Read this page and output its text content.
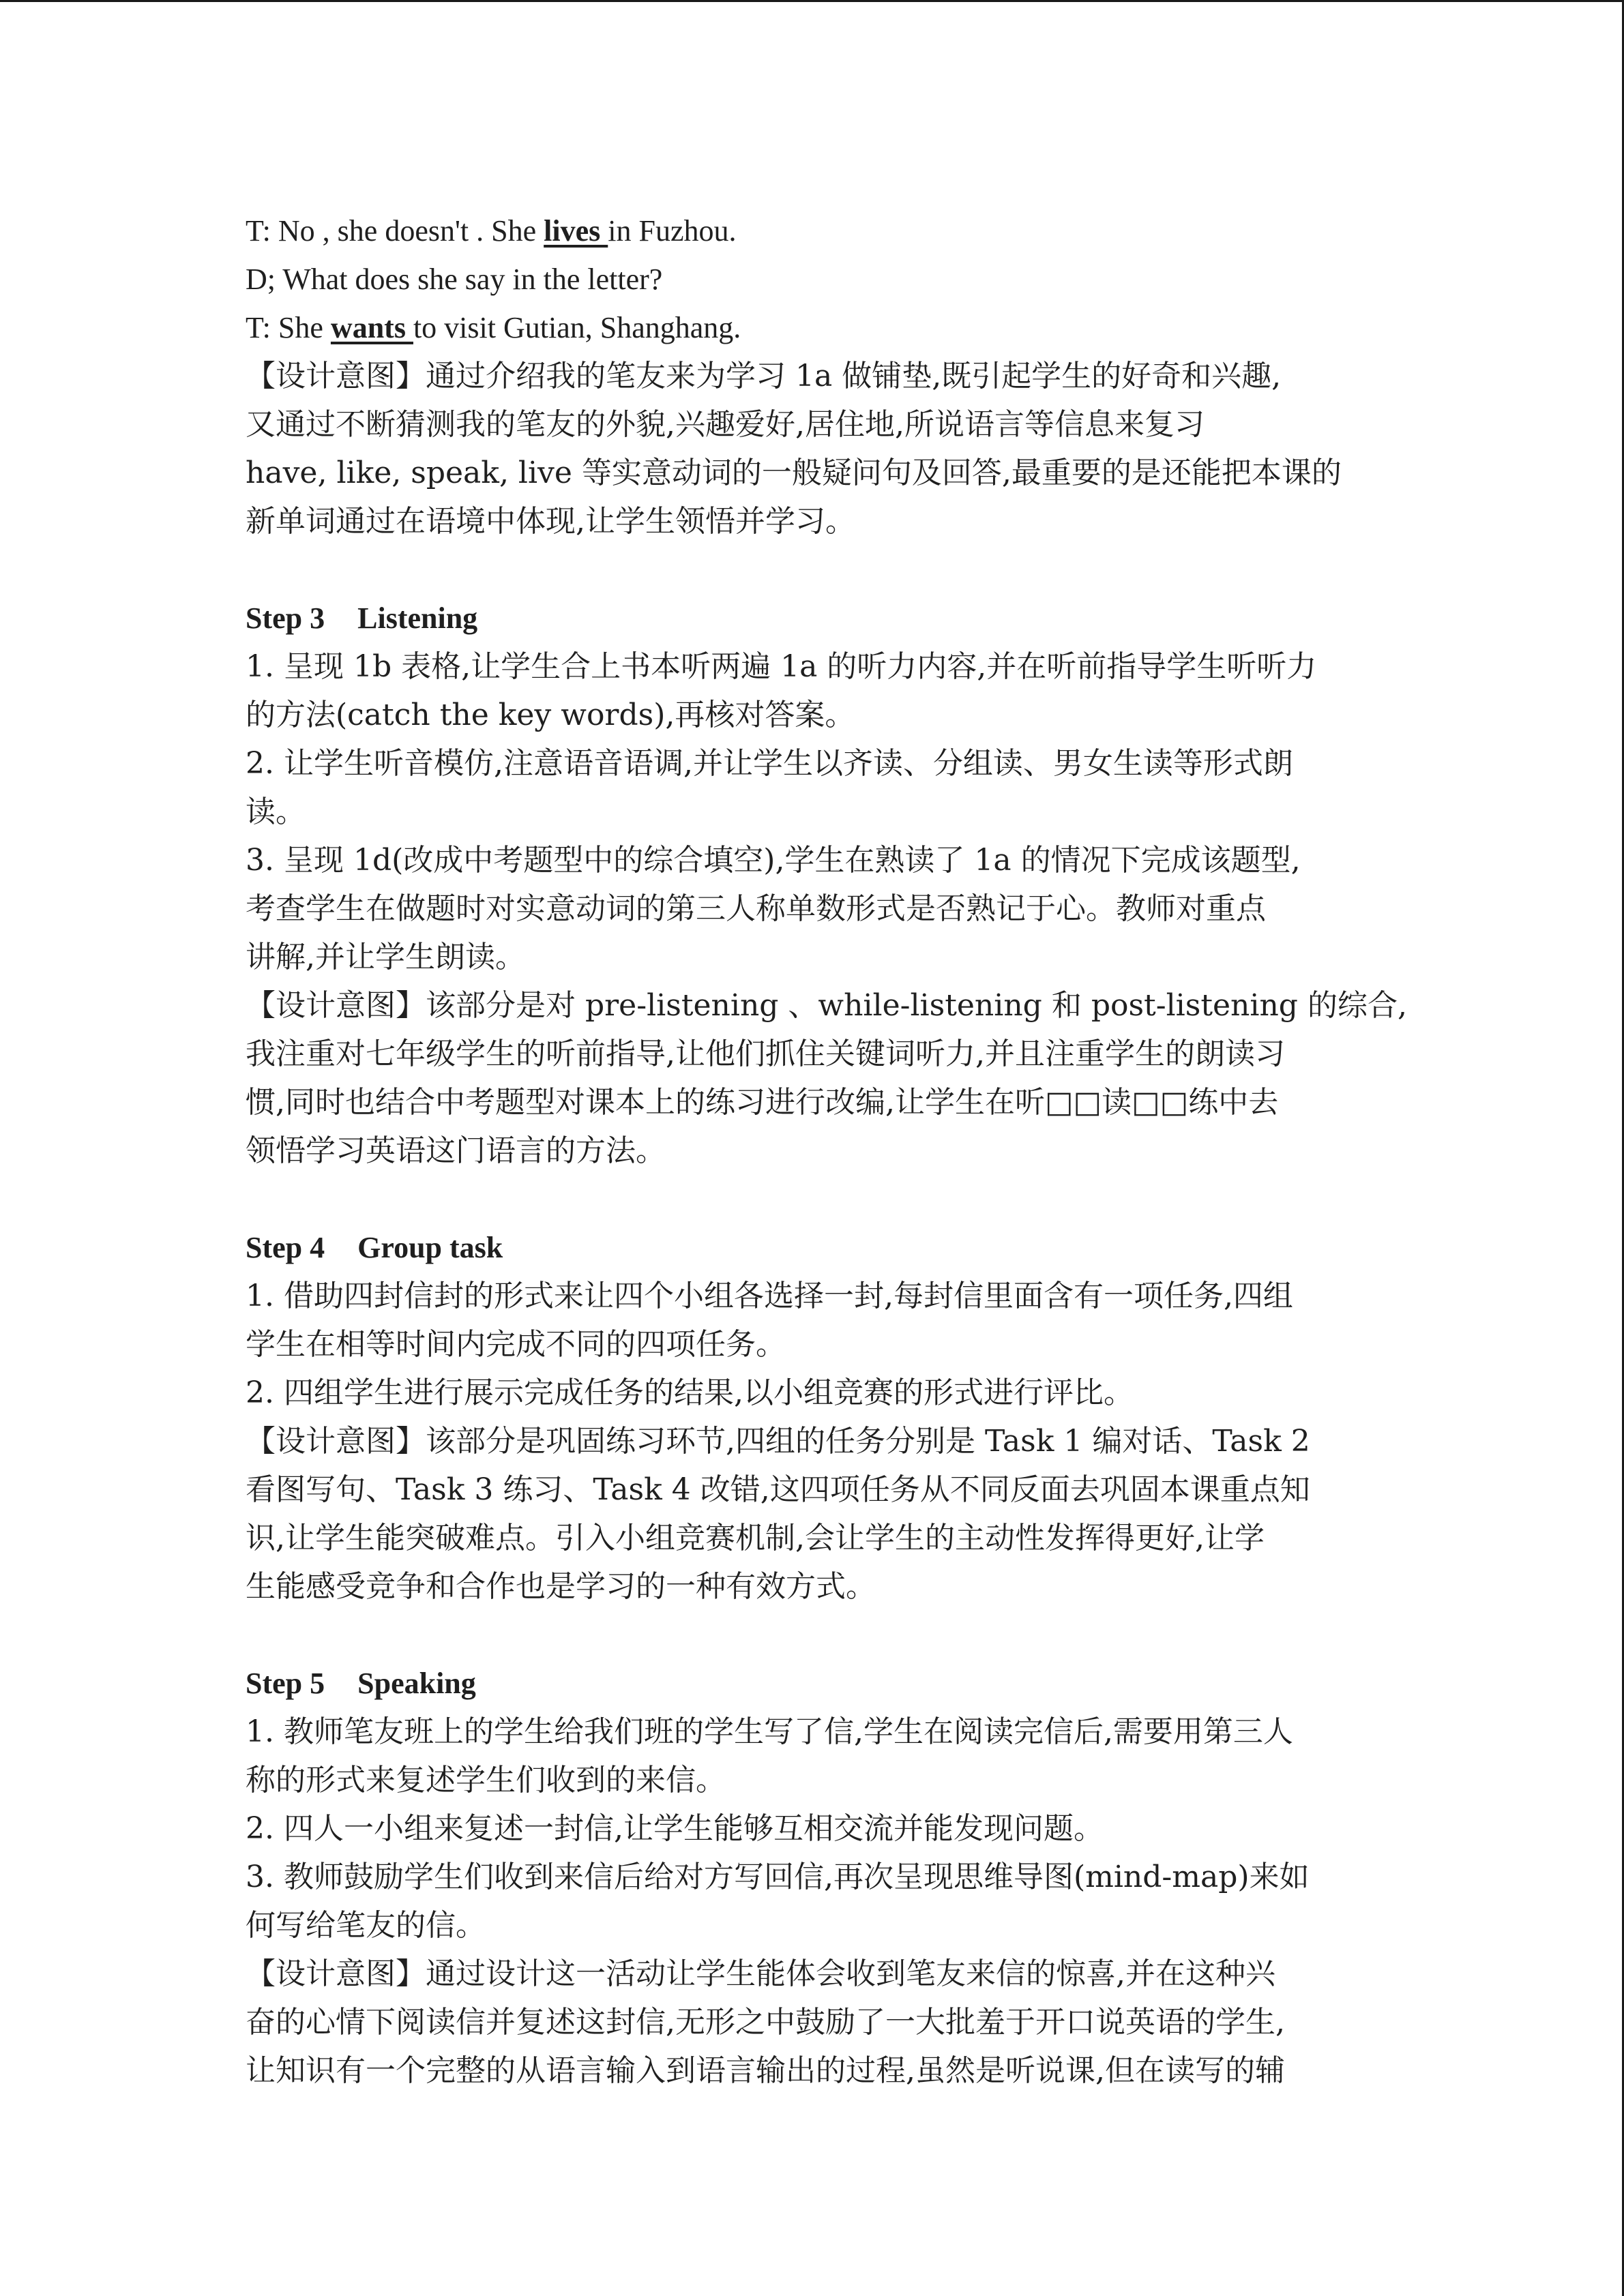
T: No , she doesn't . She lives in Fuzhou.
D; What does she say in the letter?
T: She wants to visit Gutian, Shanghang.
【设计意图】通过介绍我的笔友来为学习 1a 做铺垫,既引起学生的好奇和兴趣,
又通过不断猜测我的笔友的外貌,兴趣爱好,居住地,所说语言等信息来复习
have, like, speak, live 等实意动词的一般疑问句及回答,最重要的是还能把本课的
新单词通过在语境中体现,让学生领悟并学习。
Step 3 Listening
1. 呈现 1b 表格,让学生合上书本听两遍 1a 的听力内容,并在听前指导学生听听力
的方法(catch the key words),再核对答案。
2. 让学生听音模仿,注意语音语调,并让学生以齐读、分组读、男女生读等形式朗
读。
3. 呈现 1d(改成中考题型中的综合填空),学生在熟读了 1a 的情况下完成该题型,
考查学生在做题时对实意动词的第三人称单数形式是否熟记于心。教师对重点
讲解,并让学生朗读。
【设计意图】该部分是对 pre-listening 、while-listening 和 post-listening 的综合,
我注重对七年级学生的听前指导,让他们抓住关键词听力,并且注重学生的朗读习
惯,同时也结合中考题型对课本上的练习进行改编,让学生在听□□读□□练中去
领悟学习英语这门语言的方法。
Step 4 Group task
1. 借助四封信封的形式来让四个小组各选择一封,每封信里面含有一项任务,四组
学生在相等时间内完成不同的四项任务。
2. 四组学生进行展示完成任务的结果,以小组竞赛的形式进行评比。
【设计意图】该部分是巩固练习环节,四组的任务分别是 Task 1 编对话、Task 2
看图写句、Task 3 练习、Task 4 改错,这四项任务从不同反面去巩固本课重点知
识,让学生能突破难点。引入小组竞赛机制,会让学生的主动性发挥得更好,让学
生能感受竞争和合作也是学习的一种有效方式。
Step 5 Speaking
1. 教师笔友班上的学生给我们班的学生写了信,学生在阅读完信后,需要用第三人
称的形式来复述学生们收到的来信。
2. 四人一小组来复述一封信,让学生能够互相交流并能发现问题。
3. 教师鼓励学生们收到来信后给对方写回信,再次呈现思维导图(mind-map)来如
何写给笔友的信。
【设计意图】通过设计这一活动让学生能体会收到笔友来信的惊喜,并在这种兴
奋的心情下阅读信并复述这封信,无形之中鼓励了一大批羞于开口说英语的学生,
让知识有一个完整的从语言输入到语言输出的过程,虽然是听说课,但在读写的辅
